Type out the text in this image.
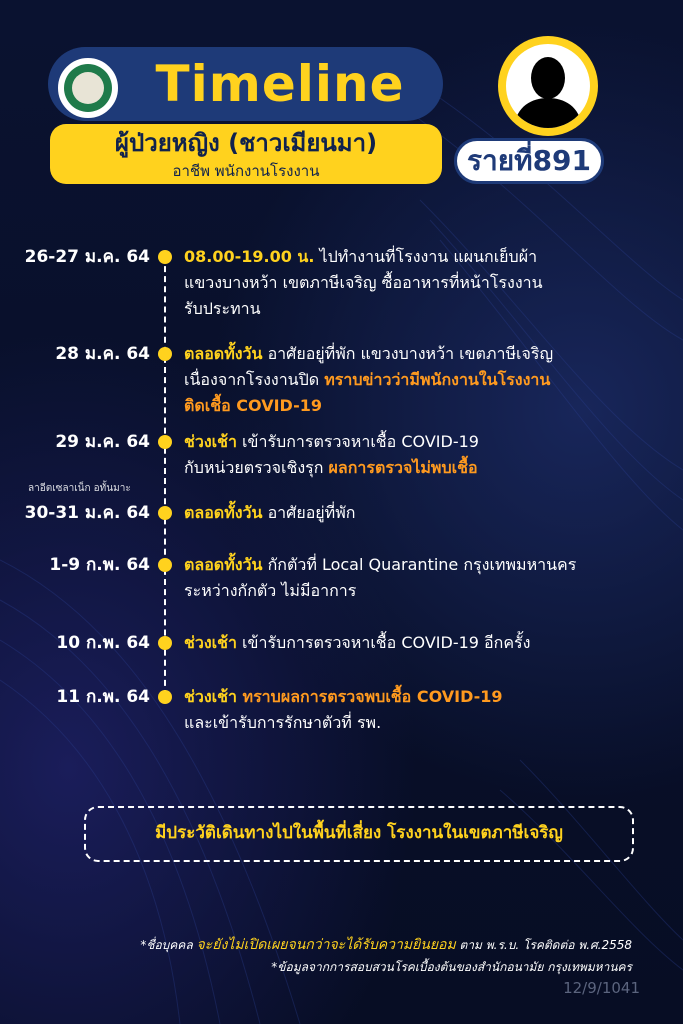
Timeline
ผู้ป่วยหญิง (ชาวเมียนมา)
อาชีพ พนักงานโรงงาน	รายที่891
26-27 ม.ค. 64 08.00-19.00 น. ไปทำงานที่โรงงาน แผนกเย็บผ้า
แขวงบางหว้า เขตภาษีเจริญ ซื้ออาหารที่หน้าโรงงาน
รับประทาน
28 ม.ค. 64 ตลอดทั้งวัน อาศัยอยู่ที่พัก แขวงบางหว้า เขตภาษีเจริญ
เนื่องจากโรงงานปิด ทราบข่าวว่ามีพนักงานในโรงงาน
ติดเชื้อ COVID-19
29 ม.ค. 64 ช่วงเช้า เข้ารับการตรวจหาเชื้อ COVID-19
กับหน่วยตรวจเชิงรุก ผลการตรวจไม่พบเชื้อ
ลาอีตเซลาเน็ก อทั้นมาะ
30-31 ม.ค. 64 ตลอดทั้งวัน อาศัยอยู่ที่พัก
1-9 ก.พ. 64 ตลอดทั้งวัน กักตัวที่ Local Quarantine กรุงเทพมหานคร
ระหว่างกักตัว ไม่มีอาการ
10 ก.พ. 64 ช่วงเช้า เข้ารับการตรวจหาเชื้อ COVID-19 อีกครั้ง
11 ก.พ. 64 ช่วงเช้า ทราบผลการตรวจพบเชื้อ COVID-19
และเข้ารับการรักษาตัวที่ รพ.
มีประวัติเดินทางไปในพื้นที่เสี่ยง โรงงานในเขตภาษีเจริญ
*ชื่อบุคคล จะยังไม่เปิดเผยจนกว่าจะได้รับความยินยอม ตาม พ.ร.บ. โรคติดต่อ พ.ศ.2558
*ข้อมูลจากการสอบสวนโรคเบื้องต้นของสำนักอนามัย กรุงเทพมหานคร
12/9/1041
